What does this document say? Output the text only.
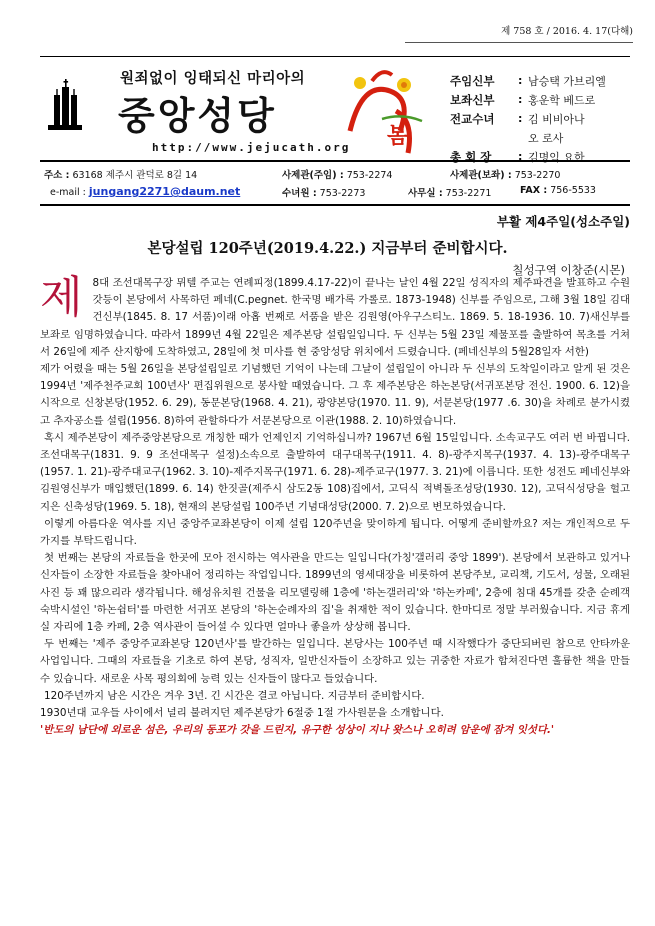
제 758 호 / 2016. 4. 17(다해)
원죄없이 잉태되신 마리아의
중앙성당
http://www.jejucath.org 봄
주임신부	: 남승택 가브리엘
보좌신부	: 홍운학 베드로
전교수녀	: 김 비비아나
오 로사
총 회 장	: 김명익 요한
주소 : 63168 제주시 관덕로 8길 14	사제관(주임) : 753-2274	사제관(보좌) : 753-2270
e-mail : jungang2271@daum.net	수녀원 : 753-2273	사무실 : 753-2271	FAX : 756-5533
부활 제4주일(성소주일)
본당설립 120주년(2019.4.22.) 지금부터 준비합시다.
칠성구역 이창준(시몬)

제 8대 조선대목구장 뮈텔 주교는 연례피정(1899.4.17-22)이 끝나는 날인 4월 22일 성직자의 제주파견을 발표하고 수원 갓등이 본당에서 사목하던 페네(C.pegnet. 한국명 배가록 가롤로. 1873-1948) 신부를 주임으로, 그해 3월 18일 김대건신부(1845. 8. 17 서품)이래 아홉 번째로 서품을 받은 김원영(아우구스티노. 1869. 5. 18-1936. 10. 7)새신부를 보좌로 임명하였습니다. 따라서 1899년 4월 22일은 제주본당 설립일입니다. 두 신부는 5월 23일 제물포를 출발하여 목초를 거쳐서 26일에 제주 산지항에 도착하였고, 28일에 첫 미사를 현 중앙성당 위치에서 드렸습니다. (페네신부의 5월28일자 서한)

제가 어렸을 때는 5월 26일을 본당설립일로 기념했던 기억이 나는데 그날이 설립일이 아니라 두 신부의 도착일이라고 알게 된 것은 1994년 '제주천주교회 100년사' 편집위원으로 봉사할 때였습니다. 그 후 제주본당은 하논본당(서귀포본당 전신. 1900. 6. 12)을 시작으로 신창본당(1952. 6. 29), 동문본당(1968. 4. 21), 광양본당(1970. 11. 9), 서문본당(1977 .6. 30)을 차례로 분가시켰고 추자공소를 설립(1956. 8)하여 관할하다가 서문본당으로 이관(1988. 2. 10)하였습니다.

혹시 제주본당이 제주중앙본당으로 개칭한 때가 언제인지 기억하십니까? 1967년 6월 15일입니다. 소속교구도 여러 번 바뀝니다. 조선대목구(1831. 9. 9 조선대목구 설정)소속으로 출발하여 대구대목구(1911. 4. 8)-광주지목구(1937. 4. 13)-광주대목구(1957. 1. 21)-광주대교구(1962. 3. 10)-제주지목구(1971. 6. 28)-제주교구(1977. 3. 21)에 이릅니다. 또한 성전도 페네신부와 김원영신부가 매입했던(1899. 6. 14) 한짓골(제주시 삼도2동 108)집에서, 고딕식 적벽돌조성당(1930. 12), 고딕식성당을 헐고 지은 신축성당(1969. 5. 18), 현재의 본당설립 100주년 기념대성당(2000. 7. 2)으로 변모하였습니다.

이렇게 아름다운 역사를 지닌 중앙주교좌본당이 이제 설립 120주년을 맞이하게 됩니다. 어떻게 준비할까요? 저는 개인적으로 두 가지를 부탁드립니다.

첫 번째는 본당의 자료들을 한곳에 모아 전시하는 역사관을 만드는 일입니다(가칭'갤러리 중앙 1899'). 본당에서 보관하고 있거나 신자들이 소장한 자료들을 찾아내어 정리하는 작업입니다. 1899년의 영세대장을 비롯하여 본당주보, 교리책, 기도서, 성물, 오래된 사진 등 꽤 많으리라 생각됩니다. 해성유치원 건물을 리모델링해 1층에 '하논갤러리'와 '하논카페', 2층에 침대 45개를 갖춘 순례객 숙박시설인 '하논쉼터'를 마련한 서귀포 본당의 '하논순례자의 집'을 취재한 적이 있습니다. 한마디로 정말 부러웠습니다. 지금 휴게실 자리에 1층 카페, 2층 역사관이 들어설 수 있다면 얼마나 좋을까 상상해 봅니다.

두 번째는 '제주 중앙주교좌본당 120년사'를 발간하는 일입니다. 본당사는 100주년 때 시작했다가 중단되버린 참으로 안타까운 사업입니다. 그때의 자료들을 기초로 하여 본당, 성직자, 일반신자들이 소장하고 있는 귀중한 자료가 합쳐진다면 훌륭한 책을 만들 수 있습니다. 새로운 사목 평의회에 능력 있는 신자들이 많다고 들었습니다.

120주년까지 남은 시간은 겨우 3년. 긴 시간은 결코 아닙니다. 지금부터 준비합시다.

1930년대 교우들 사이에서 널리 불려지던 제주본당가 6절중 1절 가사원문을 소개합니다.

'반도의 남단에 외로운 섬은, 우리의 동포가 갓을 드린지, 유구한 성상이 지나 왓스나 오히려 암운에 잠겨 잇섯다.'
